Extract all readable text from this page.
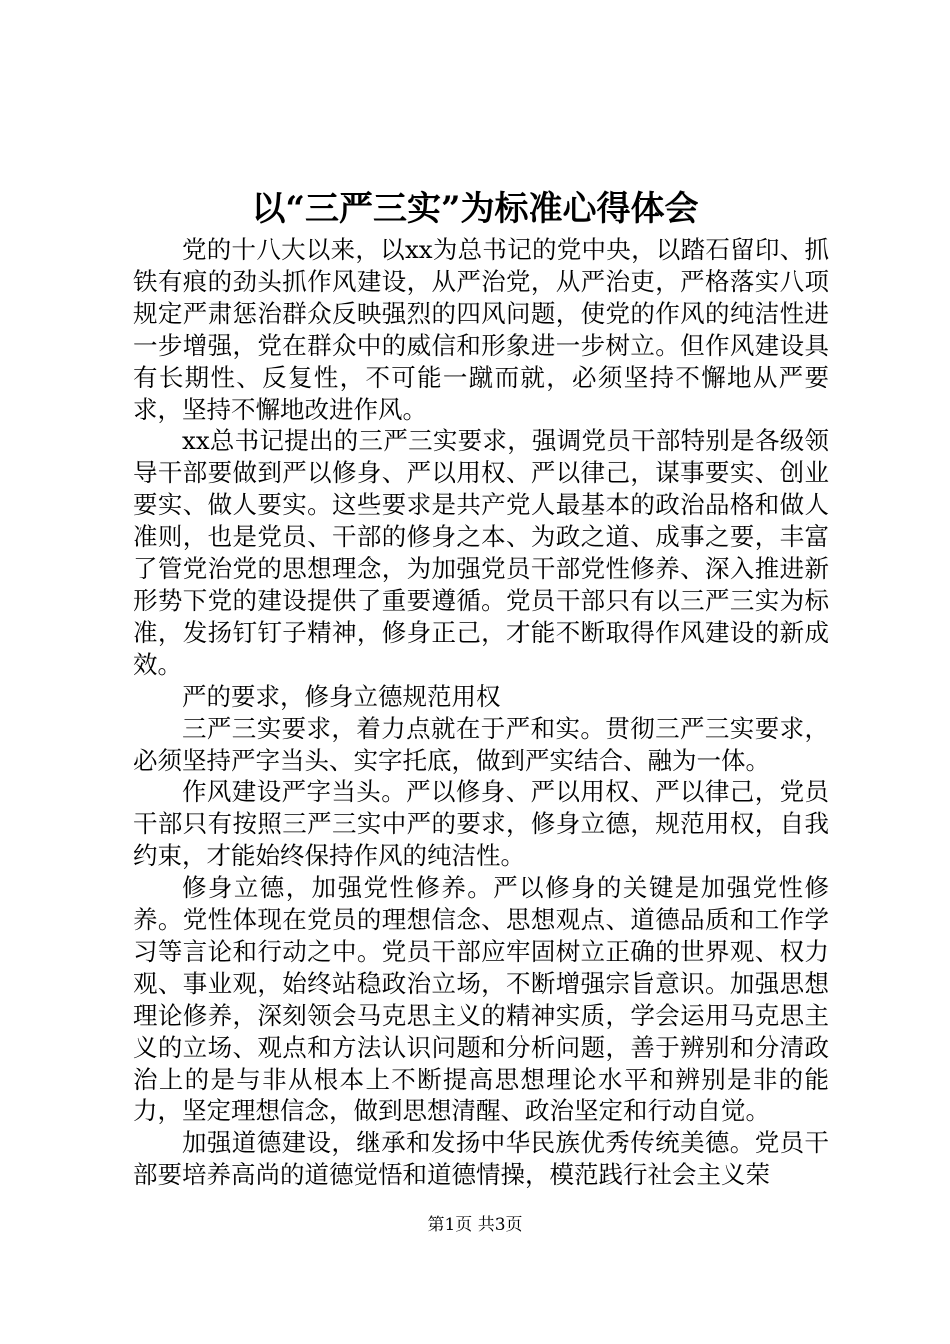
以“三严三实”为标准心得体会

党的十八大以来，以xx为总书记的党中央，以踏石留印、抓铁有痕的劲头抓作风建设，从严治党，从严治吏，严格落实八项规定严肃惩治群众反映强烈的四风问题，使党的作风的纯洁性进一步增强，党在群众中的威信和形象进一步树立。但作风建设具有长期性、反复性，不可能一蹴而就，必须坚持不懈地从严要求，坚持不懈地改进作风。

xx总书记提出的三严三实要求，强调党员干部特别是各级领导干部要做到严以修身、严以用权、严以律己，谋事要实、创业要实、做人要实。这些要求是共产党人最基本的政治品格和做人准则，也是党员、干部的修身之本、为政之道、成事之要，丰富了管党治党的思想理念，为加强党员干部党性修养、深入推进新形势下党的建设提供了重要遵循。党员干部只有以三严三实为标准，发扬钉钉子精神，修身正己，才能不断取得作风建设的新成效。

严的要求，修身立德规范用权

三严三实要求，着力点就在于严和实。贯彻三严三实要求，必须坚持严字当头、实字托底，做到严实结合、融为一体。

作风建设严字当头。严以修身、严以用权、严以律己，党员干部只有按照三严三实中严的要求，修身立德，规范用权，自我约束，才能始终保持作风的纯洁性。

修身立德，加强党性修养。严以修身的关键是加强党性修养。党性体现在党员的理想信念、思想观点、道德品质和工作学习等言论和行动之中。党员干部应牢固树立正确的世界观、权力观、事业观，始终站稳政治立场，不断增强宗旨意识。加强思想理论修养，深刻领会马克思主义的精神实质，学会运用马克思主义的立场、观点和方法认识问题和分析问题，善于辨别和分清政治上的是与非从根本上不断提高思想理论水平和辨别是非的能力，坚定理想信念，做到思想清醒、政治坚定和行动自觉。

加强道德建设，继承和发扬中华民族优秀传统美德。党员干部要培养高尚的道德觉悟和道德情操，模范践行社会主义荣

第1页 共3页
